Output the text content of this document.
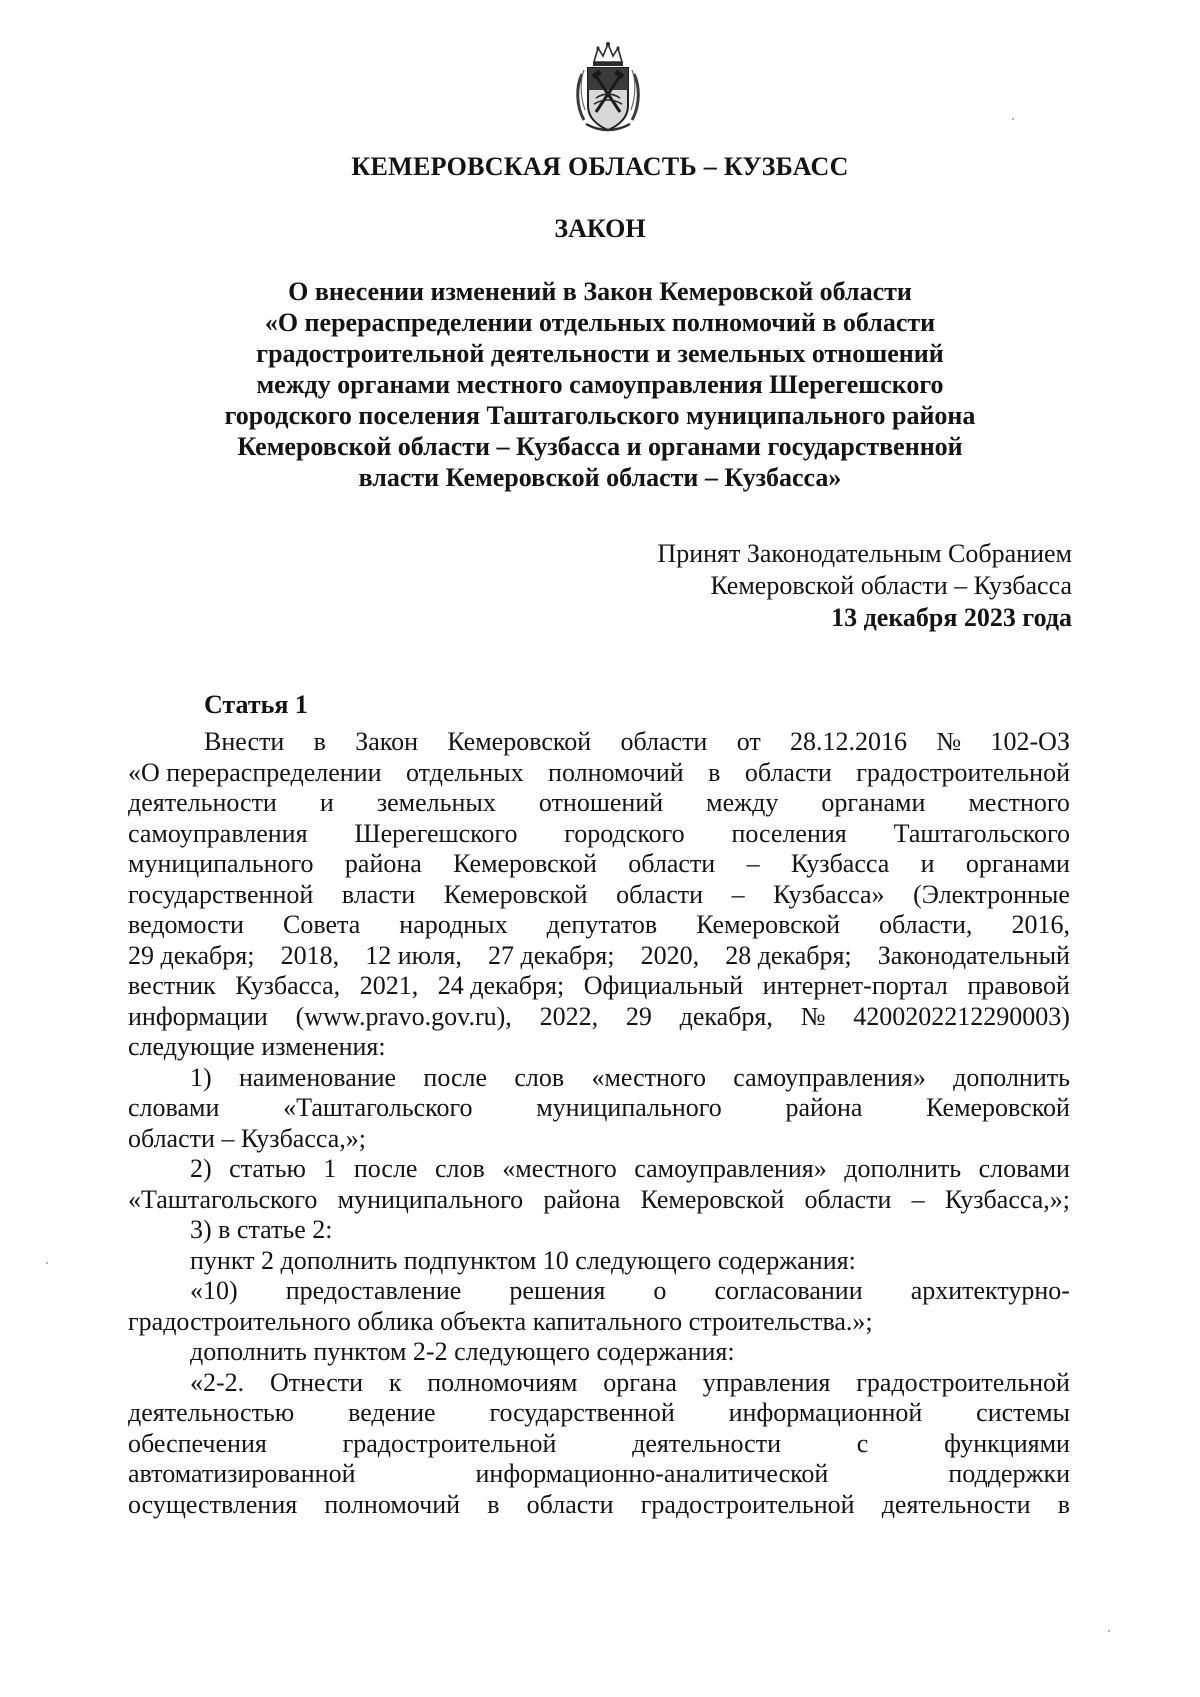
КЕМЕРОВСКАЯ ОБЛАСТЬ – КУЗБАСС
ЗАКОН
О внесении изменений в Закон Кемеровской области
«О перераспределении отдельных полномочий в области
градостроительной деятельности и земельных отношений
между органами местного самоуправления Шерегешского
городского поселения Таштагольского муниципального района
Кемеровской области – Кузбасса и органами государственной
власти Кемеровской области – Кузбасса»
Принят Законодательным Собранием
Кемеровской области – Кузбасса
13 декабря 2023 года
Статья 1
Внести в Закон Кемеровской области от 28.12.2016 № 102-ОЗ
«О перераспределении отдельных полномочий в области градостроительной
деятельности и земельных отношений между органами местного
самоуправления Шерегешского городского поселения Таштагольского
муниципального района Кемеровской области – Кузбасса и органами
государственной власти Кемеровской области – Кузбасса» (Электронные
ведомости Совета народных депутатов Кемеровской области, 2016,
29 декабря; 2018, 12 июля, 27 декабря; 2020, 28 декабря; Законодательный
вестник Кузбасса, 2021, 24 декабря; Официальный интернет-портал правовой
информации (www.pravo.gov.ru), 2022, 29 декабря, № 4200202212290003)
следующие изменения:
1) наименование после слов «местного самоуправления» дополнить
словами «Таштагольского муниципального района Кемеровской
области – Кузбасса,»;
2) статью 1 после слов «местного самоуправления» дополнить словами
«Таштагольского муниципального района Кемеровской области – Кузбасса,»;
3) в статье 2:
пункт 2 дополнить подпунктом 10 следующего содержания:
«10) предоставление решения о согласовании архитектурно-
градостроительного облика объекта капитального строительства.»;
дополнить пунктом 2-2 следующего содержания:
«2-2. Отнести к полномочиям органа управления градостроительной
деятельностью ведение государственной информационной системы
обеспечения	градостроительной	деятельности	с	функциями
автоматизированной	информационно-аналитической	поддержки
осуществления полномочий в области градостроительной деятельности в
